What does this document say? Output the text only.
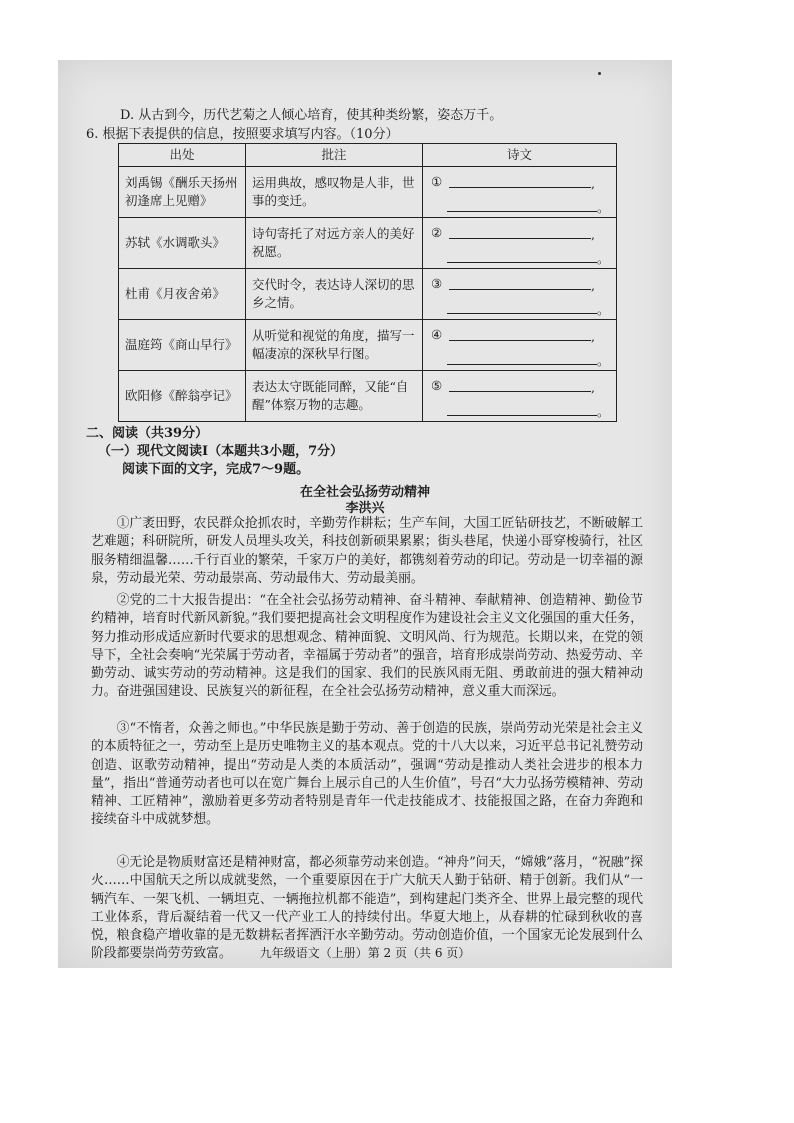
D. 从古到今，历代艺菊之人倾心培育，使其种类纷繁，姿态万千。
6. 根据下表提供的信息，按照要求填写内容。（10分）
出处	批注	诗文
刘禹锡《酬乐天扬州初逢席上见赠》	运用典故，感叹物是人非，世事的变迁。	① ,
。

苏轼《水调歌头》	诗句寄托了对远方亲人的美好祝愿。	② ,
。

杜甫《月夜舍弟》	交代时令，表达诗人深切的思乡之情。	③ ,
。

温庭筠《商山早行》	从听觉和视觉的角度，描写一幅凄凉的深秋早行图。	④ ,
。

欧阳修《醉翁亭记》	表达太守既能同醉，又能“自醒”体察万物的志趣。	⑤ ,
。
二、阅读（共39分）
（一）现代文阅读Ⅰ（本题共3小题，7分）
阅读下面的文字，完成7～9题。
在全社会弘扬劳动精神
李洪兴
①广袤田野，农民群众抢抓农时，辛勤劳作耕耘；生产车间，大国工匠钻研技艺，不断破解工艺难题；科研院所，研发人员埋头攻关，科技创新硕果累累；街头巷尾，快递小哥穿梭骑行，社区服务精细温馨……千行百业的繁荣，千家万户的美好，都镌刻着劳动的印记。劳动是一切幸福的源泉，劳动最光荣、劳动最崇高、劳动最伟大、劳动最美丽。
②党的二十大报告提出：“在全社会弘扬劳动精神、奋斗精神、奉献精神、创造精神、勤俭节约精神，培育时代新风新貌。”我们要把提高社会文明程度作为建设社会主义文化强国的重大任务，努力推动形成适应新时代要求的思想观念、精神面貌、文明风尚、行为规范。长期以来，在党的领导下，全社会奏响“光荣属于劳动者，幸福属于劳动者”的强音，培育形成崇尚劳动、热爱劳动、辛勤劳动、诚实劳动的劳动精神。这是我们的国家、我们的民族风雨无阻、勇敢前进的强大精神动力。奋进强国建设、民族复兴的新征程，在全社会弘扬劳动精神，意义重大而深远。
③“不惰者，众善之师也。”中华民族是勤于劳动、善于创造的民族，崇尚劳动光荣是社会主义的本质特征之一，劳动至上是历史唯物主义的基本观点。党的十八大以来，习近平总书记礼赞劳动创造、讴歌劳动精神，提出“劳动是人类的本质活动”，强调“劳动是推动人类社会进步的根本力量”，指出“普通劳动者也可以在宽广舞台上展示自己的人生价值”，号召“大力弘扬劳模精神、劳动精神、工匠精神”，激励着更多劳动者特别是青年一代走技能成才、技能报国之路，在奋力奔跑和接续奋斗中成就梦想。
④无论是物质财富还是精神财富，都必须靠劳动来创造。“神舟”问天，“嫦娥”落月，“祝融”探火……中国航天之所以成就斐然，一个重要原因在于广大航天人勤于钻研、精于创新。我们从“一辆汽车、一架飞机、一辆坦克、一辆拖拉机都不能造”，到构建起门类齐全、世界上最完整的现代工业体系，背后凝结着一代又一代产业工人的持续付出。华夏大地上，从春耕的忙碌到秋收的喜悦，粮食稳产增收靠的是无数耕耘者挥洒汗水辛勤劳动。劳动创造价值，一个国家无论发展到什么阶段都要崇尚劳劳致富。	九年级语文（上册）第 2 页（共 6 页）
